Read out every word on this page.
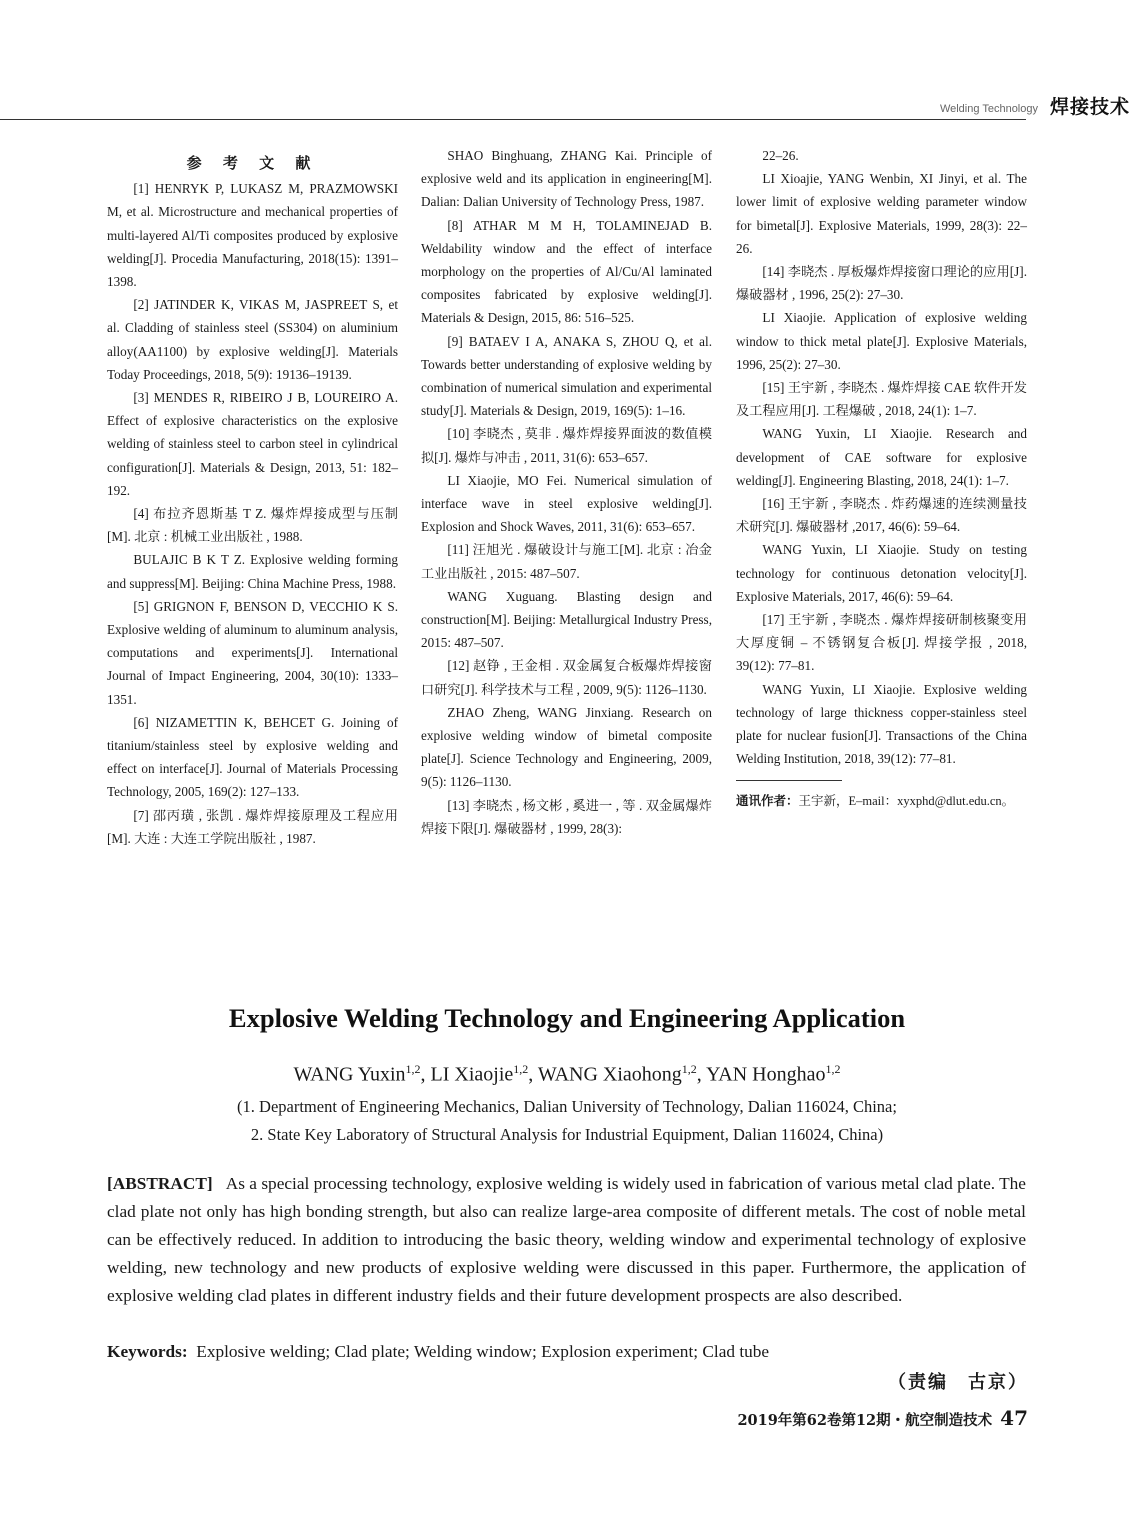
Welding Technology 焊接技术

参 考 文 献

[1] HENRYK P, LUKASZ M, PRAZMOWSKI M, et al. Microstructure and mechanical properties of multi-layered Al/Ti composites produced by explosive welding[J]. Procedia Manufacturing, 2018(15): 1391–1398.

[2] JATINDER K, VIKAS M, JASPREET S, et al. Cladding of stainless steel (SS304) on aluminium alloy(AA1100) by explosive welding[J]. Materials Today Proceedings, 2018, 5(9): 19136–19139.

[3] MENDES R, RIBEIRO J B, LOUREIRO A. Effect of explosive characteristics on the explosive welding of stainless steel to carbon steel in cylindrical configuration[J]. Materials & Design, 2013, 51: 182–192.

[4] 布拉齐恩斯基 T Z. 爆炸焊接成型与压制[M]. 北京 : 机械工业出版社 , 1988.

BULAJIC B K T Z. Explosive welding forming and suppress[M]. Beijing: China Machine Press, 1988.

[5] GRIGNON F, BENSON D, VECCHIO K S. Explosive welding of aluminum to aluminum analysis, computations and experiments[J]. International Journal of Impact Engineering, 2004, 30(10): 1333–1351.

[6] NIZAMETTIN K, BEHCET G. Joining of titanium/stainless steel by explosive welding and effect on interface[J]. Journal of Materials Processing Technology, 2005, 169(2): 127–133.

[7] 邵丙璜 , 张凯 . 爆炸焊接原理及工程应用[M]. 大连 : 大连工学院出版社 , 1987.

SHAO Binghuang, ZHANG Kai. Principle of explosive weld and its application in engineering[M]. Dalian: Dalian University of Technology Press, 1987.

[8] ATHAR M M H, TOLAMINEJAD B. Weldability window and the effect of interface morphology on the properties of Al/Cu/Al laminated composites fabricated by explosive welding[J]. Materials & Design, 2015, 86: 516–525.

[9] BATAEV I A, ANAKA S, ZHOU Q, et al. Towards better understanding of explosive welding by combination of numerical simulation and experimental study[J]. Materials & Design, 2019, 169(5): 1–16.

[10] 李晓杰 , 莫非 . 爆炸焊接界面波的数值模拟[J]. 爆炸与冲击 , 2011, 31(6): 653–657.

LI Xiaojie, MO Fei. Numerical simulation of interface wave in steel explosive welding[J]. Explosion and Shock Waves, 2011, 31(6): 653–657.

[11] 汪旭光 . 爆破设计与施工[M]. 北京 : 冶金工业出版社 , 2015: 487–507.

WANG Xuguang. Blasting design and construction[M]. Beijing: Metallurgical Industry Press, 2015: 487–507.

[12] 赵铮 , 王金相 . 双金属复合板爆炸焊接窗口研究[J]. 科学技术与工程 , 2009, 9(5): 1126–1130.

ZHAO Zheng, WANG Jinxiang. Research on explosive welding window of bimetal composite plate[J]. Science Technology and Engineering, 2009, 9(5): 1126–1130.

[13] 李晓杰 , 杨文彬 , 奚进一 , 等 . 双金属爆炸焊接下限[J]. 爆破器材 , 1999, 28(3):

22–26.

LI Xioajie, YANG Wenbin, XI Jinyi, et al. The lower limit of explosive welding parameter window for bimetal[J]. Explosive Materials, 1999, 28(3): 22–26.

[14] 李晓杰 . 厚板爆炸焊接窗口理论的应用[J]. 爆破器材 , 1996, 25(2): 27–30.

LI Xiaojie. Application of explosive welding window to thick metal plate[J]. Explosive Materials, 1996, 25(2): 27–30.

[15] 王宇新 , 李晓杰 . 爆炸焊接 CAE 软件开发及工程应用[J]. 工程爆破 , 2018, 24(1): 1–7.

WANG Yuxin, LI Xiaojie. Research and development of CAE software for explosive welding[J]. Engineering Blasting, 2018, 24(1): 1–7.

[16] 王宇新 , 李晓杰 . 炸药爆速的连续测量技术研究[J]. 爆破器材 ,2017, 46(6): 59–64.

WANG Yuxin, LI Xiaojie. Study on testing technology for continuous detonation velocity[J]. Explosive Materials, 2017, 46(6): 59–64.

[17] 王宇新 , 李晓杰 . 爆炸焊接研制核聚变用大厚度铜 – 不锈钢复合板[J]. 焊接学报 , 2018, 39(12): 77–81.

WANG Yuxin, LI Xiaojie. Explosive welding technology of large thickness copper-stainless steel plate for nuclear fusion[J]. Transactions of the China Welding Institution, 2018, 39(12): 77–81.

通讯作者：王宇新，E–mail：xyxphd@dlut.edu.cn。

Explosive Welding Technology and Engineering Application
WANG Yuxin$^{1,2}$, LI Xiaojie$^{1,2}$, WANG Xiaohong$^{1,2}$, YAN Honghao$^{1,2}$
(1. Department of Engineering Mechanics, Dalian University of Technology, Dalian 116024, China;
2. State Key Laboratory of Structural Analysis for Industrial Equipment, Dalian 116024, China)
[ABSTRACT] As a special processing technology, explosive welding is widely used in fabrication of various metal clad plate. The clad plate not only has high bonding strength, but also can realize large-area composite of different metals. The cost of noble metal can be effectively reduced. In addition to introducing the basic theory, welding window and experimental technology of explosive welding, new technology and new products of explosive welding were discussed in this paper. Furthermore, the application of explosive welding clad plates in different industry fields and their future development prospects are also described.
Keywords: Explosive welding; Clad plate; Welding window; Explosion experiment; Clad tube
（责编　古京）
2019年第62卷第12期・航空制造技术 47
